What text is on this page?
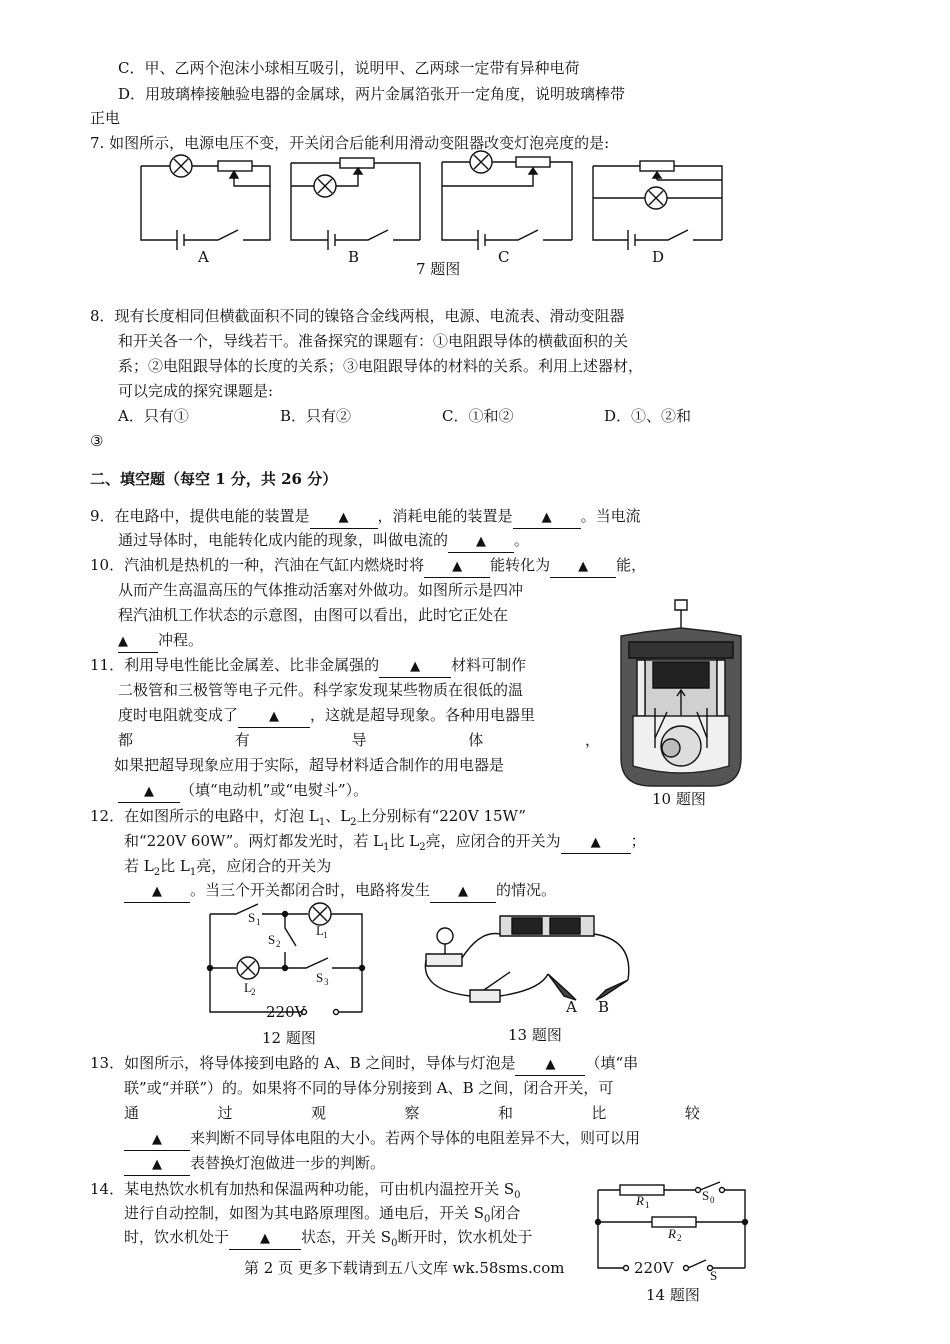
C．甲、乙两个泡沫小球相互吸引，说明甲、乙两球一定带有异种电荷
D．用玻璃棒接触验电器的金属球，两片金属箔张开一定角度，说明玻璃棒带
正电
7. 如图所示，电源电压不变，开关闭合后能利用滑动变阻器改变灯泡亮度的是:
A	B	C	D
7 题图
8．现有长度相同但横截面积不同的镍铬合金线两根，电源、电流表、滑动变阻器
和开关各一个，导线若干。准备探究的课题有：①电阻跟导体的横截面积的关
系；②电阻跟导体的长度的关系；③电阻跟导体的材料的关系。利用上述器材，
可以完成的探究课题是:
A．只有①	B．只有②	C．①和②	D．①、②和
③
二、填空题（每空 1 分，共 26 分）
9．在电路中，提供电能的装置是 ▲ ，消耗电能的装置是 ▲ 。当电流
通过导体时，电能转化成内能的现象，叫做电流的 ▲ 。
10．汽油机是热机的一种，汽油在气缸内燃烧时将 ▲ 能转化为 ▲ 能，
从而产生高温高压的气体推动活塞对外做功。如图所示是四冲
程汽油机工作状态的示意图，由图可以看出，此时它正处在
▲ 冲程。
10 题图
11．利用导电性能比金属差、比非金属强的 ▲ 材料可制作
二极管和三极管等电子元件。科学家发现某些物质在很低的温
度时电阻就变成了 ▲ ，这就是超导现象。各种用电器里
都	有	导	体	，
如果把超导现象应用于实际，超导材料适合制作的用电器是
▲ （填“电动机”或“电熨斗”）。
12．在如图所示的电路中，灯泡 $L_1$、$L_2$上分别标有“220V 15W”
和“220V 60W”。两灯都发光时，若 $L_1$比 $L_2$亮，应闭合的开关为 ▲ ；
若 $L_2$比 $L_1$亮，应闭合的开关为
▲ 。当三个开关都闭合时，电路将发生 ▲ 的情况。
S 1
S 2
S 3
L 1
L 2
220V
12 题图
A B
13 题图
13．如图所示，将导体接到电路的 A、B 之间时，导体与灯泡是 ▲ （填“串
联”或“并联”）的。如果将不同的导体分别接到 A、B 之间，闭合开关，可
通	过	观	察	和	比	较
▲ 来判断不同导体电阻的大小。若两个导体的电阻差异不大，则可以用
▲ 表替换灯泡做进一步的判断。
14．某电热饮水机有加热和保温两种功能，可由机内温控开关 $S_0$
进行自动控制，如图为其电路原理图。通电后，开关 $S_0$闭合
时，饮水机处于 ▲ 状态，开关 $S_0$断开时，饮水机处于
R 1
R 2
S 0
S
220V
14 题图
第 2 页 更多下载请到五八文库 wk.58sms.com
